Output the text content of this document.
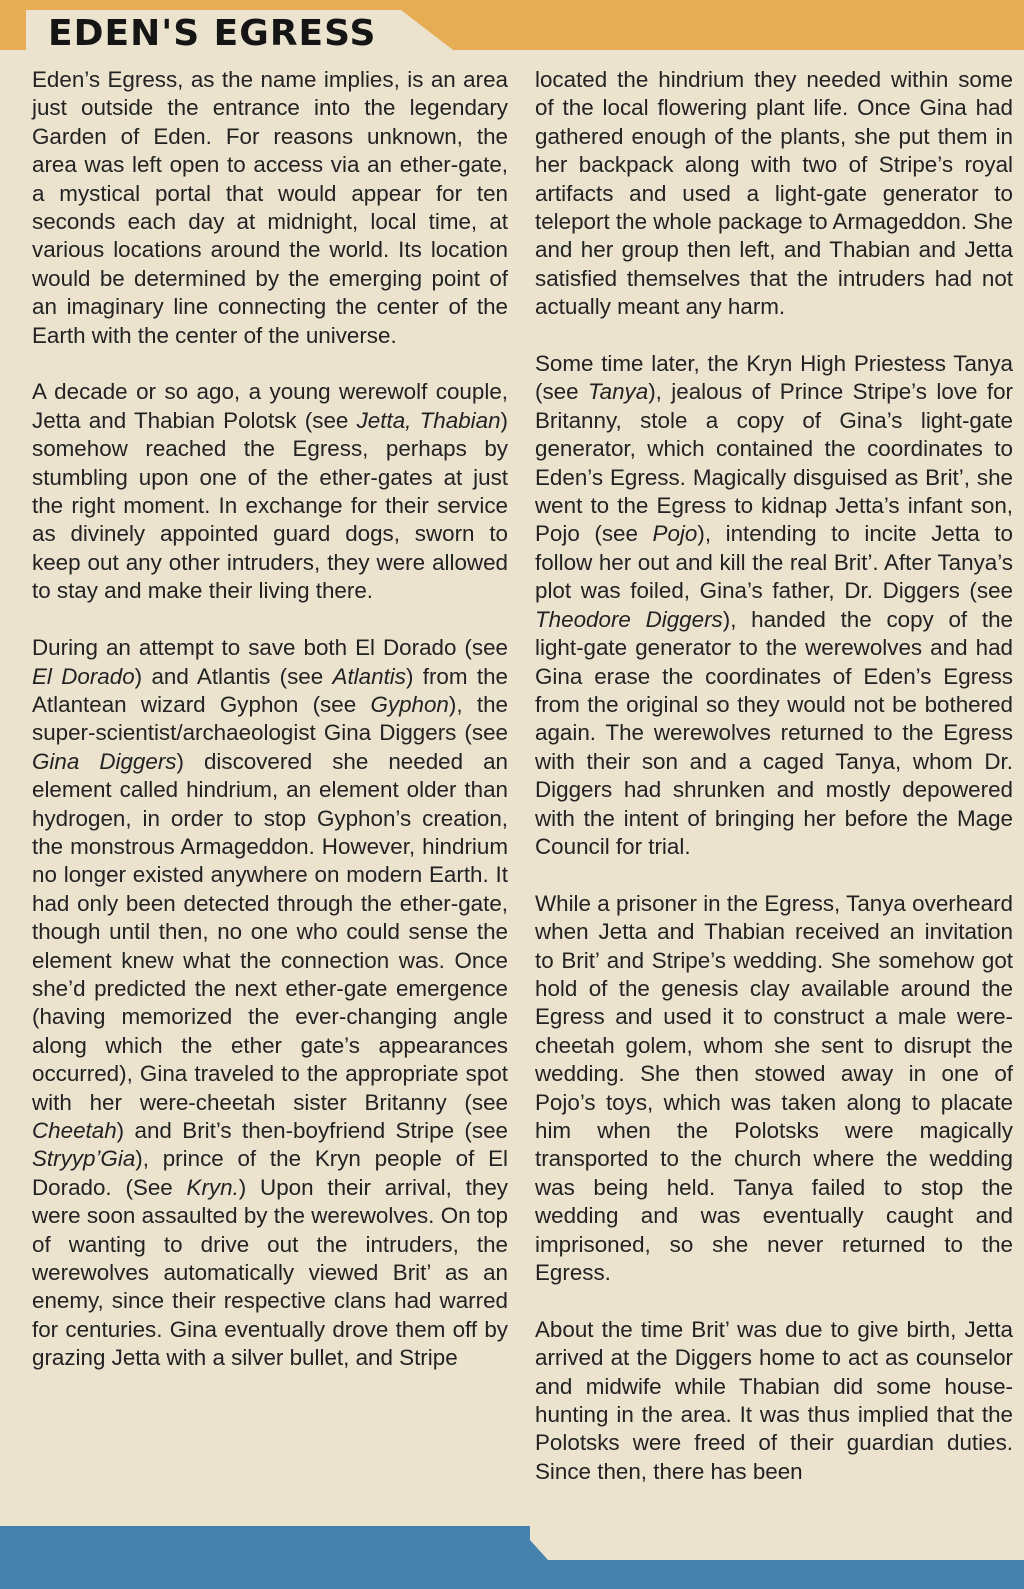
EDEN'S EGRESS

Eden’s Egress, as the name implies, is an area just outside the entrance into the legendary Garden of Eden. For reasons unknown, the area was left open to access via an ether-gate, a mystical portal that would appear for ten seconds each day at midnight, local time, at various locations around the world. Its location would be determined by the emerging point of an imaginary line connecting the center of the Earth with the center of the universe.

A decade or so ago, a young werewolf couple, Jetta and Thabian Polotsk (see Jetta, Thabian) somehow reached the Egress, perhaps by stumbling upon one of the ether-gates at just the right moment. In exchange for their service as divinely appointed guard dogs, sworn to keep out any other intruders, they were allowed to stay and make their living there.

During an attempt to save both El Dorado (see El Dorado) and Atlantis (see Atlantis) from the Atlantean wizard Gyphon (see Gyphon), the super-scientist/archaeologist Gina Diggers (see Gina Diggers) discovered she needed an element called hindrium, an element older than hydrogen, in order to stop Gyphon’s creation, the monstrous Armageddon. However, hindrium no longer existed anywhere on modern Earth. It had only been detected through the ether-gate, though until then, no one who could sense the element knew what the connection was. Once she’d predicted the next ether-gate emergence (having memorized the ever-changing angle along which the ether gate’s appearances occurred), Gina traveled to the appropriate spot with her were-cheetah sister Britanny (see Cheetah) and Brit’s then-boyfriend Stripe (see Stryyp’Gia), prince of the Kryn people of El Dorado. (See Kryn.) Upon their arrival, they were soon assaulted by the werewolves. On top of wanting to drive out the intruders, the werewolves automatically viewed Brit’ as an enemy, since their respective clans had warred for centuries. Gina eventually drove them off by grazing Jetta with a silver bullet, and Stripe

located the hindrium they needed within some of the local flowering plant life. Once Gina had gathered enough of the plants, she put them in her backpack along with two of Stripe’s royal artifacts and used a light-gate generator to teleport the whole package to Armageddon. She and her group then left, and Thabian and Jetta satisfied themselves that the intruders had not actually meant any harm.

Some time later, the Kryn High Priestess Tanya (see Tanya), jealous of Prince Stripe’s love for Britanny, stole a copy of Gina’s light-gate generator, which contained the coordinates to Eden’s Egress. Magically disguised as Brit’, she went to the Egress to kidnap Jetta’s infant son, Pojo (see Pojo), intending to incite Jetta to follow her out and kill the real Brit’. After Tanya’s plot was foiled, Gina’s father, Dr. Diggers (see Theodore Diggers), handed the copy of the light-gate generator to the werewolves and had Gina erase the coordinates of Eden’s Egress from the original so they would not be bothered again. The werewolves returned to the Egress with their son and a caged Tanya, whom Dr. Diggers had shrunken and mostly depowered with the intent of bringing her before the Mage Council for trial.

While a prisoner in the Egress, Tanya overheard when Jetta and Thabian received an invitation to Brit’ and Stripe’s wedding. She somehow got hold of the genesis clay available around the Egress and used it to construct a male were-cheetah golem, whom she sent to disrupt the wedding. She then stowed away in one of Pojo’s toys, which was taken along to placate him when the Polotsks were magically transported to the church where the wedding was being held. Tanya failed to stop the wedding and was eventually caught and imprisoned, so she never returned to the Egress.

About the time Brit’ was due to give birth, Jetta arrived at the Diggers home to act as counselor and midwife while Thabian did some house-hunting in the area. It was thus implied that the Polotsks were freed of their guardian duties. Since then, there has been
